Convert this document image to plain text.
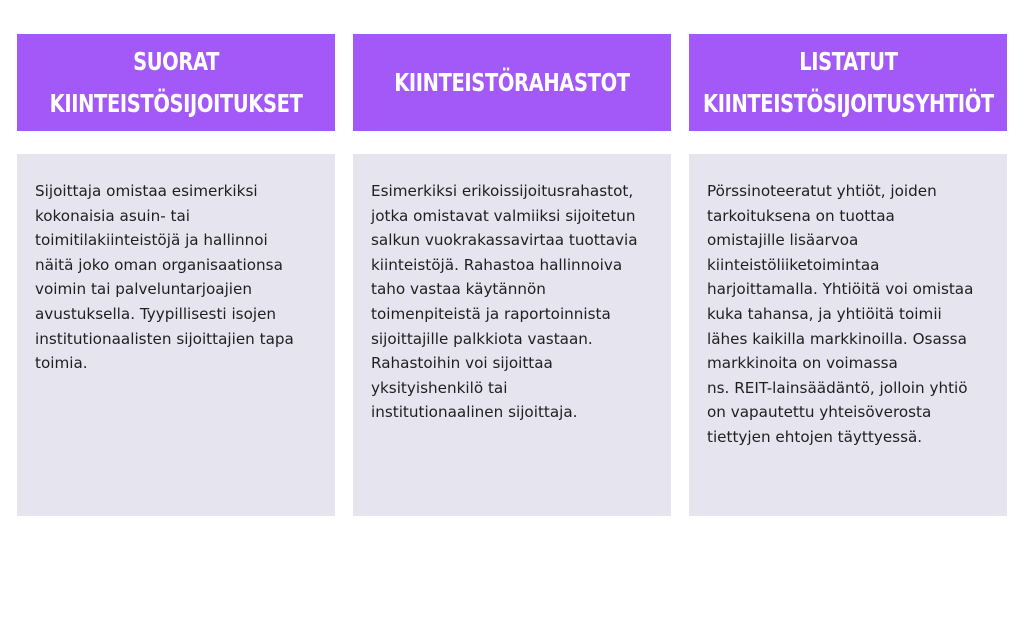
SUORAT
KIINTEISTÖSIJOITUKSET

Sijoittaja omistaa esimerkiksi
kokonaisia asuin- tai
toimitilakiinteistöjä ja hallinnoi
näitä joko oman organisaationsa
voimin tai palveluntarjoajien
avustuksella. Tyypillisesti isojen
institutionaalisten sijoittajien tapa
toimia.

KIINTEISTÖRAHASTOT

Esimerkiksi erikoissijoitusrahastot,
jotka omistavat valmiiksi sijoitetun
salkun vuokrakassavirtaa tuottavia
kiinteistöjä. Rahastoa hallinnoiva
taho vastaa käytännön
toimenpiteistä ja raportoinnista
sijoittajille palkkiota vastaan.
Rahastoihin voi sijoittaa
yksityishenkilö tai
institutionaalinen sijoittaja.

LISTATUT
KIINTEISTÖSIJOITUSYHTIÖT

Pörssinoteeratut yhtiöt, joiden
tarkoituksena on tuottaa
omistajille lisäarvoa
kiinteistöliiketoimintaa
harjoittamalla. Yhtiöitä voi omistaa
kuka tahansa, ja yhtiöitä toimii
lähes kaikilla markkinoilla. Osassa
markkinoita on voimassa
ns. REIT-lainsäädäntö, jolloin yhtiö
on vapautettu yhteisöverosta
tiettyjen ehtojen täyttyessä.
